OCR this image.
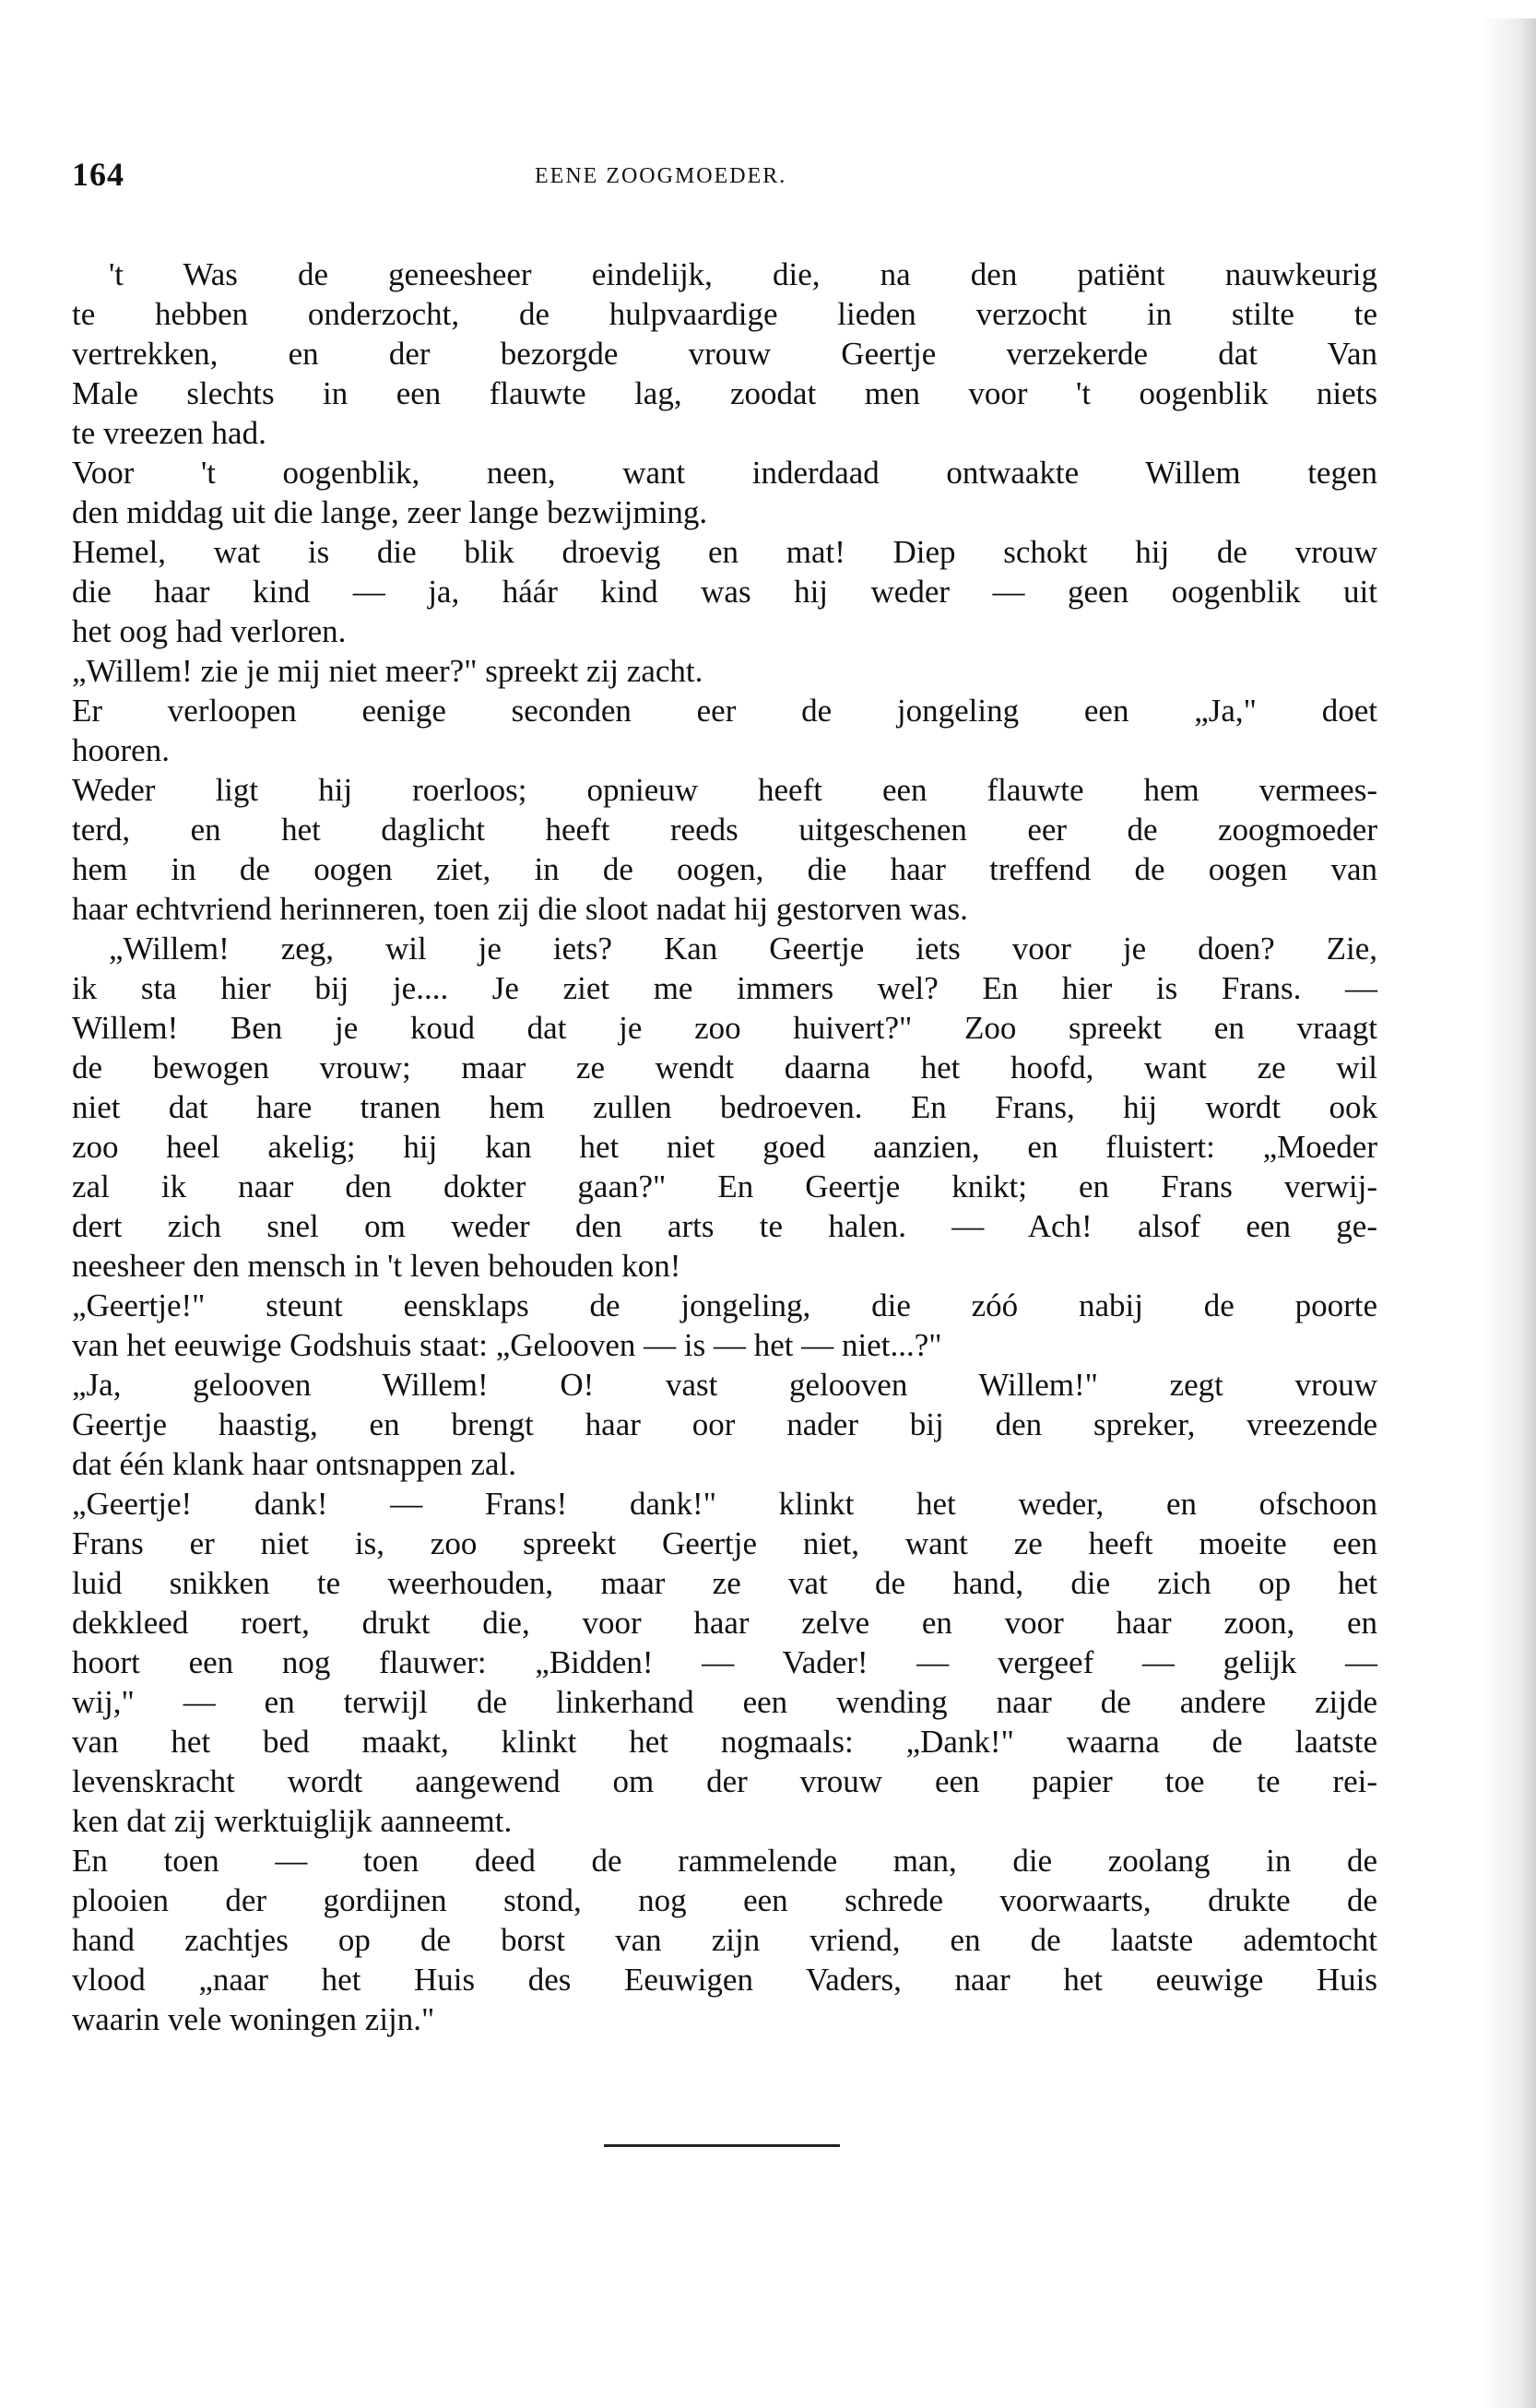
164	EENE ZOOGMOEDER.
't Was de geneesheer eindelijk, die, na den patiënt nauwkeurig
te hebben onderzocht, de hulpvaardige lieden verzocht in stilte te
vertrekken, en der bezorgde vrouw Geertje verzekerde dat Van
Male slechts in een flauwte lag, zoodat men voor 't oogenblik niets
te vreezen had.
Voor 't oogenblik, neen, want inderdaad ontwaakte Willem tegen
den middag uit die lange, zeer lange bezwijming.
Hemel, wat is die blik droevig en mat! Diep schokt hij de vrouw
die haar kind — ja, háár kind was hij weder — geen oogenblik uit
het oog had verloren.
„Willem! zie je mij niet meer?" spreekt zij zacht.
Er verloopen eenige seconden eer de jongeling een „Ja," doet
hooren.
Weder ligt hij roerloos; opnieuw heeft een flauwte hem vermees-
terd, en het daglicht heeft reeds uitgeschenen eer de zoogmoeder
hem in de oogen ziet, in de oogen, die haar treffend de oogen van
haar echtvriend herinneren, toen zij die sloot nadat hij gestorven was.
„Willem! zeg, wil je iets? Kan Geertje iets voor je doen? Zie,
ik sta hier bij je.... Je ziet me immers wel? En hier is Frans. —
Willem! Ben je koud dat je zoo huivert?" Zoo spreekt en vraagt
de bewogen vrouw; maar ze wendt daarna het hoofd, want ze wil
niet dat hare tranen hem zullen bedroeven. En Frans, hij wordt ook
zoo heel akelig; hij kan het niet goed aanzien, en fluistert: „Moeder
zal ik naar den dokter gaan?" En Geertje knikt; en Frans verwij-
dert zich snel om weder den arts te halen. — Ach! alsof een ge-
neesheer den mensch in 't leven behouden kon!
„Geertje!" steunt eensklaps de jongeling, die zóó nabij de poorte
van het eeuwige Godshuis staat: „Gelooven — is — het — niet...?"
„Ja, gelooven Willem! O! vast gelooven Willem!" zegt vrouw
Geertje haastig, en brengt haar oor nader bij den spreker, vreezende
dat één klank haar ontsnappen zal.
„Geertje! dank! — Frans! dank!" klinkt het weder, en ofschoon
Frans er niet is, zoo spreekt Geertje niet, want ze heeft moeite een
luid snikken te weerhouden, maar ze vat de hand, die zich op het
dekkleed roert, drukt die, voor haar zelve en voor haar zoon, en
hoort een nog flauwer: „Bidden! — Vader! — vergeef — gelijk —
wij," — en terwijl de linkerhand een wending naar de andere zijde
van het bed maakt, klinkt het nogmaals: „Dank!" waarna de laatste
levenskracht wordt aangewend om der vrouw een papier toe te rei-
ken dat zij werktuiglijk aanneemt.
En toen — toen deed de rammelende man, die zoolang in de
plooien der gordijnen stond, nog een schrede voorwaarts, drukte de
hand zachtjes op de borst van zijn vriend, en de laatste ademtocht
vlood „naar het Huis des Eeuwigen Vaders, naar het eeuwige Huis
waarin vele woningen zijn."
